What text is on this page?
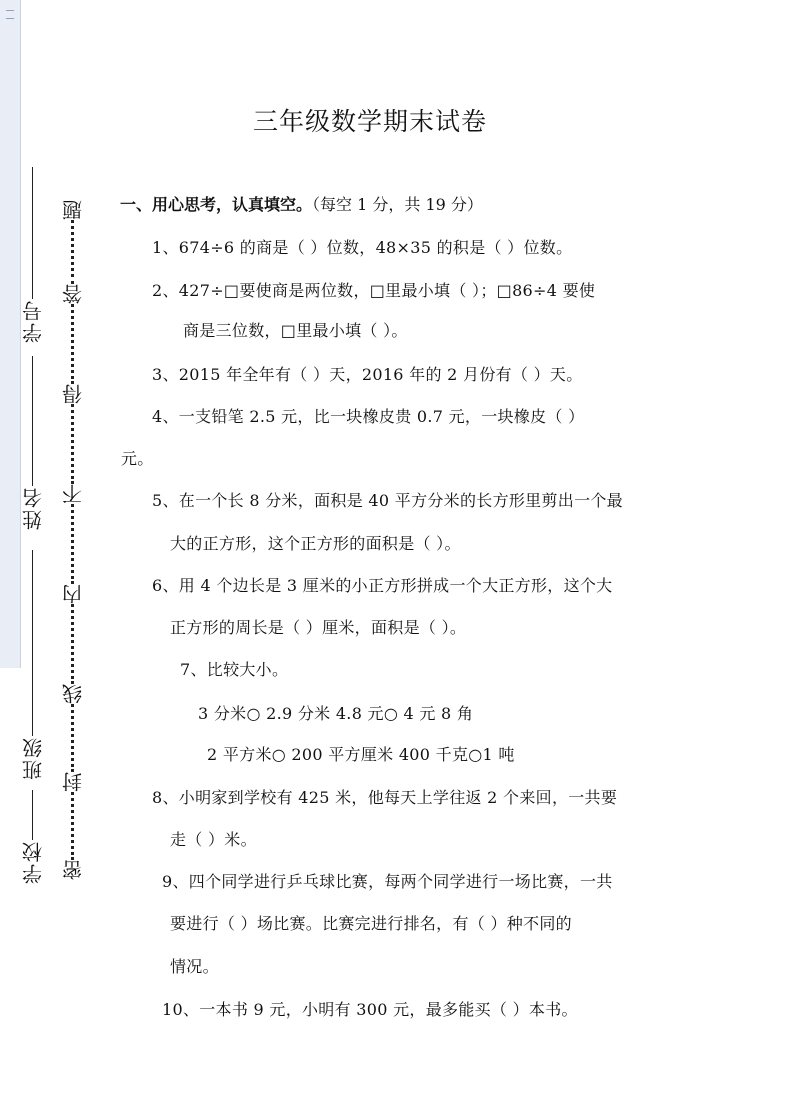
学校
班级
姓名
学号
密
封
线
内
不
得
答
题
三年级数学期末试卷
一、用心思考，认真填空。（每空 1 分，共 19 分）
1、674÷6 的商是（ ）位数，48×35 的积是（ ）位数。
2、427÷□要使商是两位数，□里最小填（ ）；□86÷4 要使
商是三位数，□里最小填（ ）。
3、2015 年全年有（ ）天，2016 年的 2 月份有（ ）天。
4、一支铅笔 2.5 元，比一块橡皮贵 0.7 元，一块橡皮（ ）
元。
5、在一个长 8 分米，面积是 40 平方分米的长方形里剪出一个最
大的正方形，这个正方形的面积是（ ）。
6、用 4 个边长是 3 厘米的小正方形拼成一个大正方形，这个大
正方形的周长是（ ）厘米，面积是（ ）。
7、比较大小。
3 分米○ 2.9 分米 4.8 元○ 4 元 8 角
2 平方米○ 200 平方厘米 400 千克○1 吨
8、小明家到学校有 425 米，他每天上学往返 2 个来回，一共要
走（ ）米。
9、四个同学进行乒乓球比赛，每两个同学进行一场比赛，一共
要进行（ ）场比赛。比赛完进行排名，有（ ）种不同的
情况。
10、一本书 9 元，小明有 300 元，最多能买（ ）本书。
